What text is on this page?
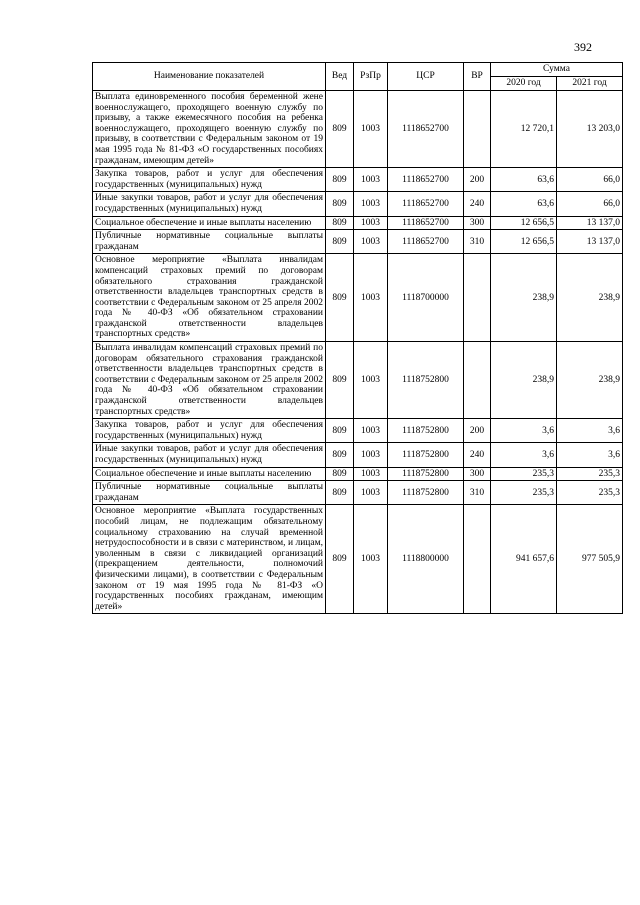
392
Наименование показателей	Вед	РзПр	ЦСР	ВР	Сумма	
					2020 год	2021 год
Выплата единовременного пособия беременной жене военнослужащего, проходящего военную службу по призыву, а также ежемесячного пособия на ребенка военнослужащего, проходящего военную службу по призыву, в соответствии с Федеральным законом от 19 мая 1995 года № 81-ФЗ «О государственных пособиях гражданам, имеющим детей»	809	1003	1118652700		12 720,1	13 203,0
Закупка товаров, работ и услуг для обеспечения государственных (муниципальных) нужд	809	1003	1118652700	200	63,6	66,0
Иные закупки товаров, работ и услуг для обеспечения государственных (муниципальных) нужд	809	1003	1118652700	240	63,6	66,0
Социальное обеспечение и иные выплаты населению	809	1003	1118652700	300	12 656,5	13 137,0
Публичные нормативные социальные выплаты гражданам	809	1003	1118652700	310	12 656,5	13 137,0
Основное мероприятие «Выплата инвалидам компенсаций страховых премий по договорам обязательного страхования гражданской ответственности владельцев транспортных средств в соответствии с Федеральным законом от 25 апреля 2002 года № 40-ФЗ «Об обязательном страховании гражданской ответственности владельцев транспортных средств»	809	1003	1118700000		238,9	238,9
Выплата инвалидам компенсаций страховых премий по договорам обязательного страхования гражданской ответственности владельцев транспортных средств в соответствии с Федеральным законом от 25 апреля 2002 года № 40-ФЗ «Об обязательном страховании гражданской ответственности владельцев транспортных средств»	809	1003	1118752800		238,9	238,9
Закупка товаров, работ и услуг для обеспечения государственных (муниципальных) нужд	809	1003	1118752800	200	3,6	3,6
Иные закупки товаров, работ и услуг для обеспечения государственных (муниципальных) нужд	809	1003	1118752800	240	3,6	3,6
Социальное обеспечение и иные выплаты населению	809	1003	1118752800	300	235,3	235,3
Публичные нормативные социальные выплаты гражданам	809	1003	1118752800	310	235,3	235,3
Основное мероприятие «Выплата государственных пособий лицам, не подлежащим обязательному социальному страхованию на случай временной нетрудоспособности и в связи с материнством, и лицам, уволенным в связи с ликвидацией организаций (прекращением деятельности, полномочий физическими лицами), в соответствии с Федеральным законом от 19 мая 1995 года № 81-ФЗ «О государственных пособиях гражданам, имеющим детей»	809	1003	1118800000		941 657,6	977 505,9
